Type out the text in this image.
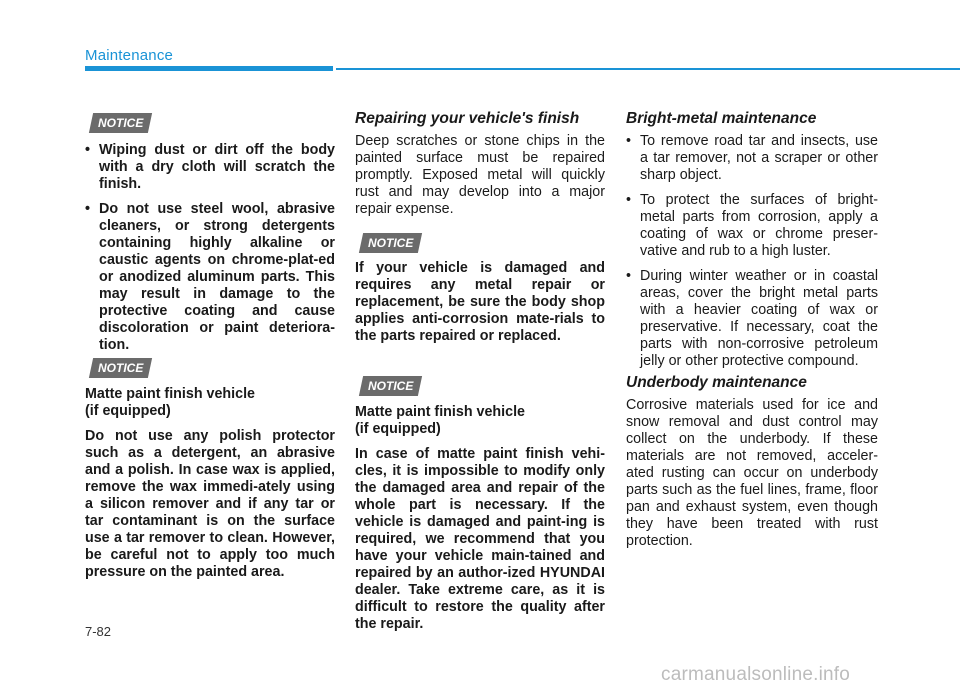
Maintenance
NOTICE
• Wiping dust or dirt off the body with a dry cloth will scratch the finish.
• Do not use steel wool, abrasive cleaners, or strong detergents containing highly alkaline or caustic agents on chrome-plat-ed or anodized aluminum parts. This may result in damage to the protective coating and cause discoloration or paint deteriora-tion.
NOTICE
Matte paint finish vehicle
(if equipped)
Do not use any polish protector such as a detergent, an abrasive and a polish. In case wax is applied, remove the wax immedi-ately using a silicon remover and if any tar or tar contaminant is on the surface use a tar remover to clean. However, be careful not to apply too much pressure on the painted area.
Repairing your vehicle's finish
Deep scratches or stone chips in the painted surface must be repaired promptly. Exposed metal will quickly rust and may develop into a major repair expense.
NOTICE
If your vehicle is damaged and requires any metal repair or replacement, be sure the body shop applies anti-corrosion mate-rials to the parts repaired or replaced.
NOTICE
Matte paint finish vehicle
(if equipped)
In case of matte paint finish vehi-cles, it is impossible to modify only the damaged area and repair of the whole part is necessary. If the vehicle is damaged and paint-ing is required, we recommend that you have your vehicle main-tained and repaired by an author-ized HYUNDAI dealer. Take extreme care, as it is difficult to restore the quality after the repair.
Bright-metal maintenance
• To remove road tar and insects, use a tar remover, not a scraper or other sharp object.
• To protect the surfaces of bright-metal parts from corrosion, apply a coating of wax or chrome preser-vative and rub to a high luster.
• During winter weather or in coastal areas, cover the bright metal parts with a heavier coating of wax or preservative. If necessary, coat the parts with non-corrosive petroleum jelly or other protective compound.
Underbody maintenance
Corrosive materials used for ice and snow removal and dust control may collect on the underbody. If these materials are not removed, acceler-ated rusting can occur on underbody parts such as the fuel lines, frame, floor pan and exhaust system, even though they have been treated with rust protection.
7-82
carmanualsonline.info
